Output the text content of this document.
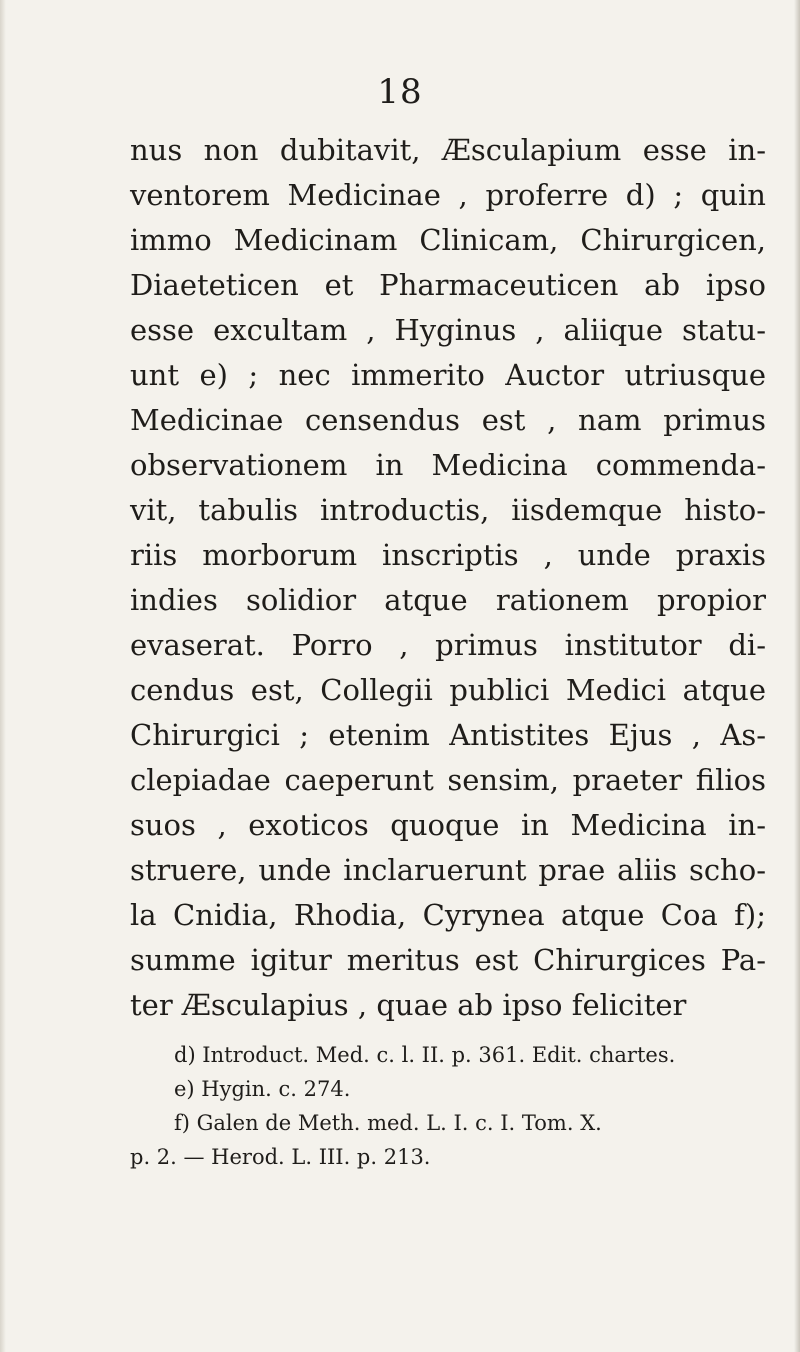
18
nus non dubitavit, Æsculapium esse in-
ventorem Medicinae , proferre d) ; quin
immo Medicinam Clinicam, Chirurgicen,
Diaeteticen et Pharmaceuticen ab ipso
esse excultam , Hyginus , aliique statu-
unt e) ; nec immerito Auctor utriusque
Medicinae censendus est , nam primus
observationem in Medicina commenda-
vit, tabulis introductis, iisdemque histo-
riis morborum inscriptis , unde praxis
indies solidior atque rationem propior
evaserat. Porro , primus institutor di-
cendus est, Collegii publici Medici atque
Chirurgici ; etenim Antistites Ejus , As-
clepiadae caeperunt sensim, praeter filios
suos , exoticos quoque in Medicina in-
struere, unde inclaruerunt prae aliis scho-
la Cnidia, Rhodia, Cyrynea atque Coa f);
summe igitur meritus est Chirurgices Pa-
ter Æsculapius , quae ab ipso feliciter
d) Introduct. Med. c. l. II. p. 361. Edit. chartes.
e) Hygin. c. 274.
f) Galen de Meth. med. L. I. c. I. Tom. X.
p. 2. — Herod. L. III. p. 213.
